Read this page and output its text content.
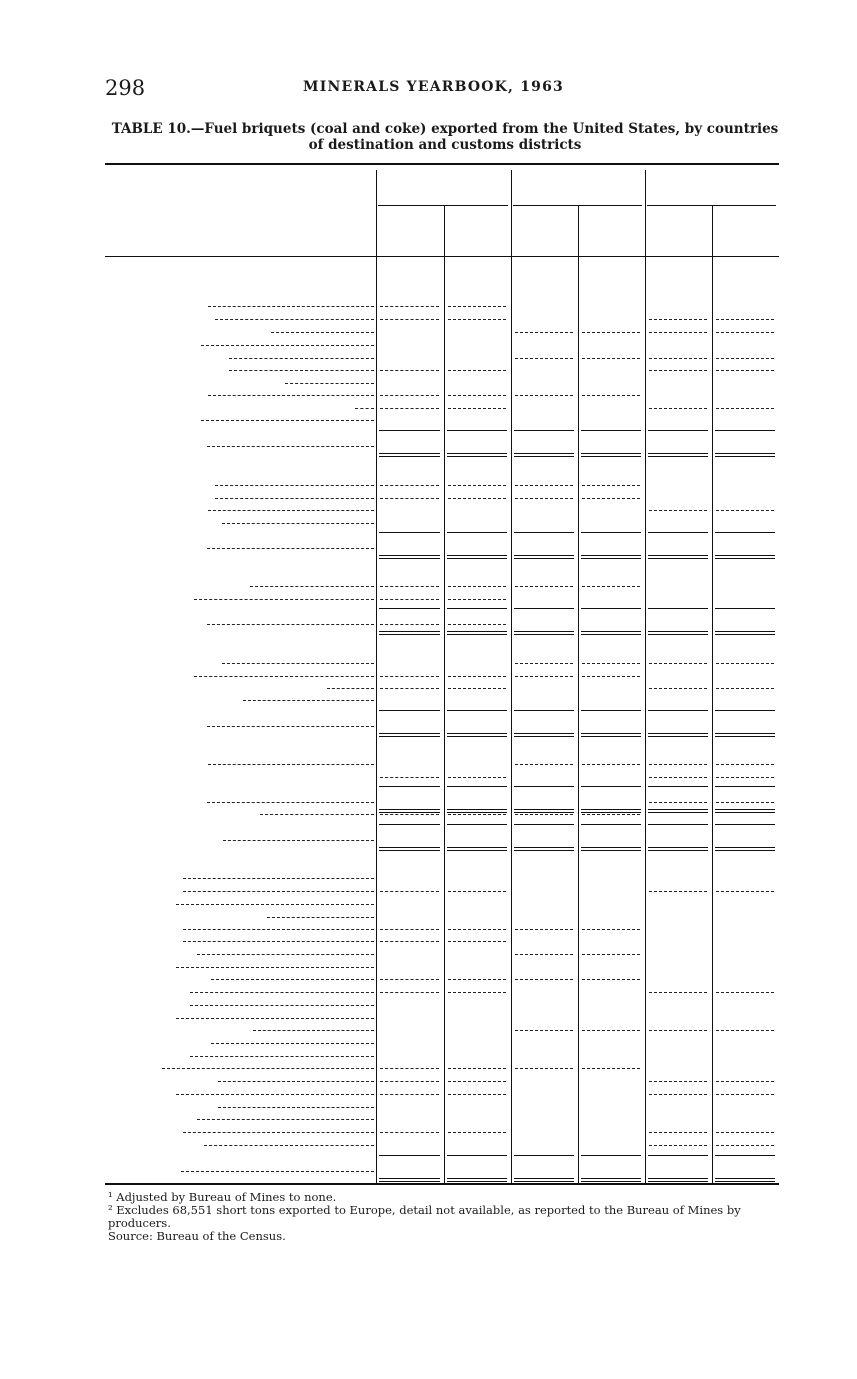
298	MINERALS YEARBOOK, 1963
TABLE 10.—Fuel briquets (coal and coke) exported from the United States, by countries of destination and customs districts
¹ Adjusted by Bureau of Mines to none.
² Excludes 68,551 short tons exported to Europe, detail not available, as reported to the Bureau of Mines by producers.
Source: Bureau of the Census.
